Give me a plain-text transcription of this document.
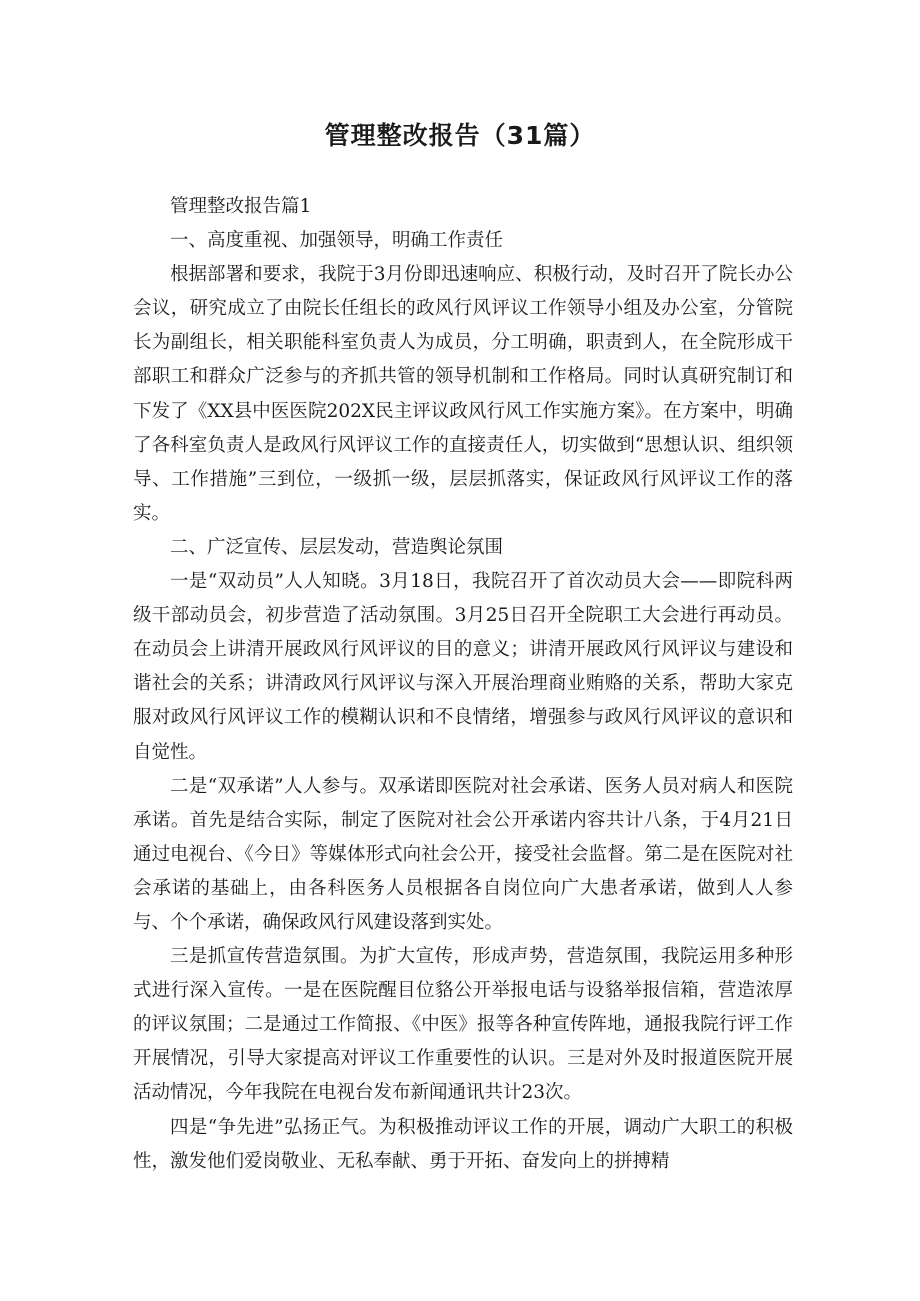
管理整改报告（31篇）

管理整改报告篇1

一、高度重视、加强领导，明确工作责任

根据部署和要求，我院于3月份即迅速响应、积极行动，及时召开了院长办公会议，研究成立了由院长任组长的政风行风评议工作领导小组及办公室，分管院长为副组长，相关职能科室负责人为成员，分工明确，职责到人，在全院形成干部职工和群众广泛参与的齐抓共管的领导机制和工作格局。同时认真研究制订和下发了《XX县中医医院202X民主评议政风行风工作实施方案》。在方案中，明确了各科室负责人是政风行风评议工作的直接责任人，切实做到“思想认识、组织领导、工作措施”三到位，一级抓一级，层层抓落实，保证政风行风评议工作的落实。

二、广泛宣传、层层发动，营造舆论氛围

一是“双动员”人人知晓。3月18日，我院召开了首次动员大会——即院科两级干部动员会，初步营造了活动氛围。3月25日召开全院职工大会进行再动员。在动员会上讲清开展政风行风评议的目的意义；讲清开展政风行风评议与建设和谐社会的关系；讲清政风行风评议与深入开展治理商业贿赂的关系，帮助大家克服对政风行风评议工作的模糊认识和不良情绪，增强参与政风行风评议的意识和自觉性。

二是“双承诺”人人参与。双承诺即医院对社会承诺、医务人员对病人和医院承诺。首先是结合实际，制定了医院对社会公开承诺内容共计八条，于4月21日通过电视台、《今日》等媒体形式向社会公开，接受社会监督。第二是在医院对社会承诺的基础上，由各科医务人员根据各自岗位向广大患者承诺，做到人人参与、个个承诺，确保政风行风建设落到实处。

三是抓宣传营造氛围。为扩大宣传，形成声势，营造氛围，我院运用多种形式进行深入宣传。一是在医院醒目位貉公开举报电话与设貉举报信箱，营造浓厚的评议氛围；二是通过工作简报、《中医》报等各种宣传阵地，通报我院行评工作开展情况，引导大家提高对评议工作重要性的认识。三是对外及时报道医院开展活动情况，今年我院在电视台发布新闻通讯共计23次。

四是“争先进”弘扬正气。为积极推动评议工作的开展，调动广大职工的积极性，激发他们爱岗敬业、无私奉献、勇于开拓、奋发向上的拼搏精
